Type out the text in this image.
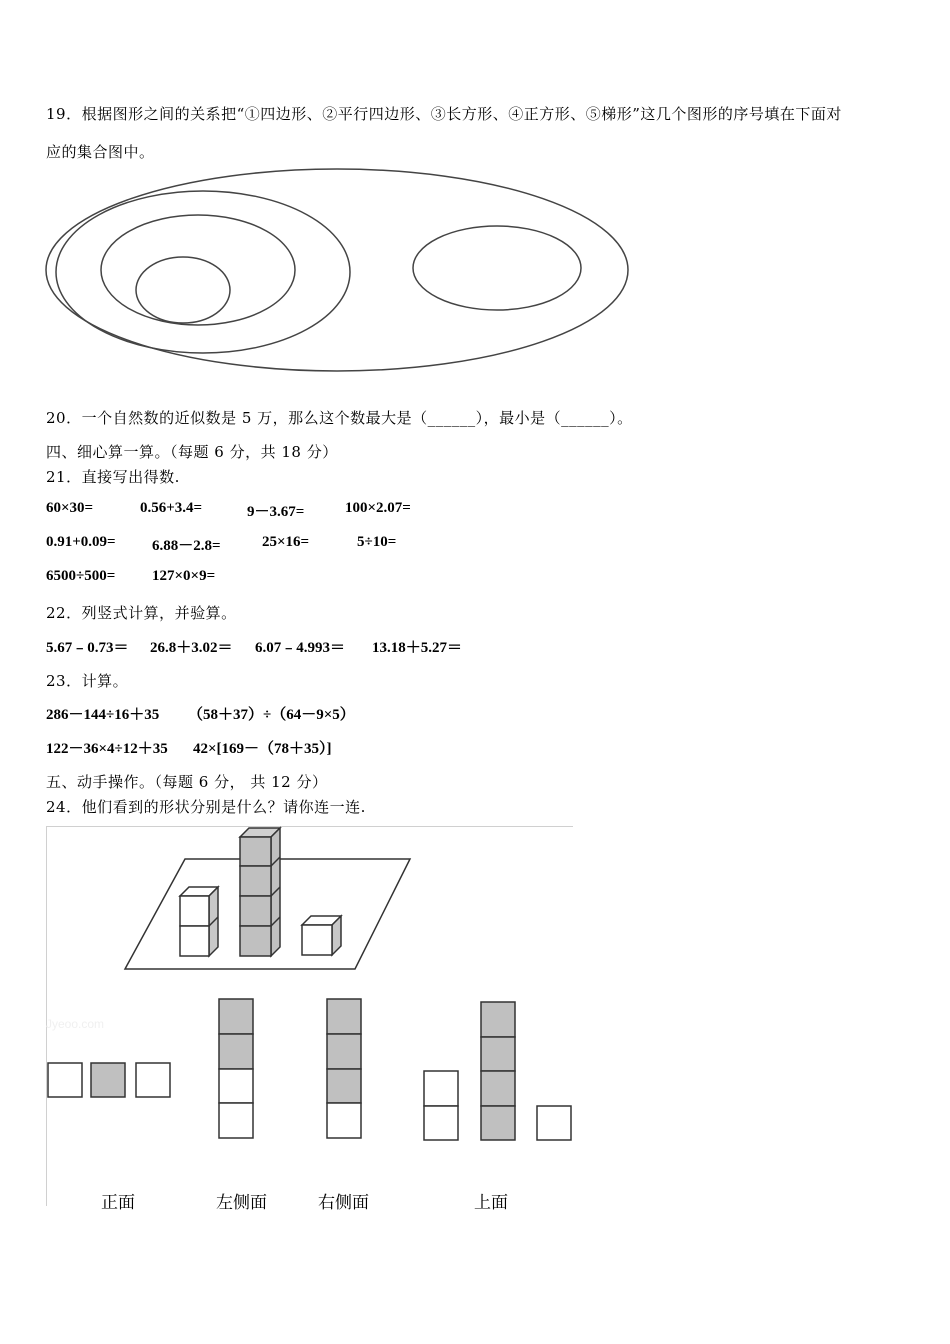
19．根据图形之间的关系把“①四边形、②平行四边形、③长方形、④正方形、⑤梯形”这几个图形的序号填在下面对
应的集合图中。
20．一个自然数的近似数是 5 万，那么这个数最大是（______），最小是（______）。
四、细心算一算。（每题 6 分，共 18 分）
21．直接写出得数.
60×30=	0.56+3.4=	9－3.67=	100×2.07=
0.91+0.09= 6.88－2.8=	25×16=	5÷10=
6500÷500= 127×0×9=
22．列竖式计算，并验算。
5.67﹣0.73＝ 26.8＋3.02＝ 6.07﹣4.993＝ 13.18＋5.27＝
23．计算。
286－144÷16＋35 （58＋37）÷（64－9×5）
122－36×4÷12＋35 42×[169－（78＋35）]
五、动手操作。（每题 6 分， 共 12 分）
24．他们看到的形状分别是什么？请你连一连.
Jyeoo.com
正面	左侧面	右侧面	上面
